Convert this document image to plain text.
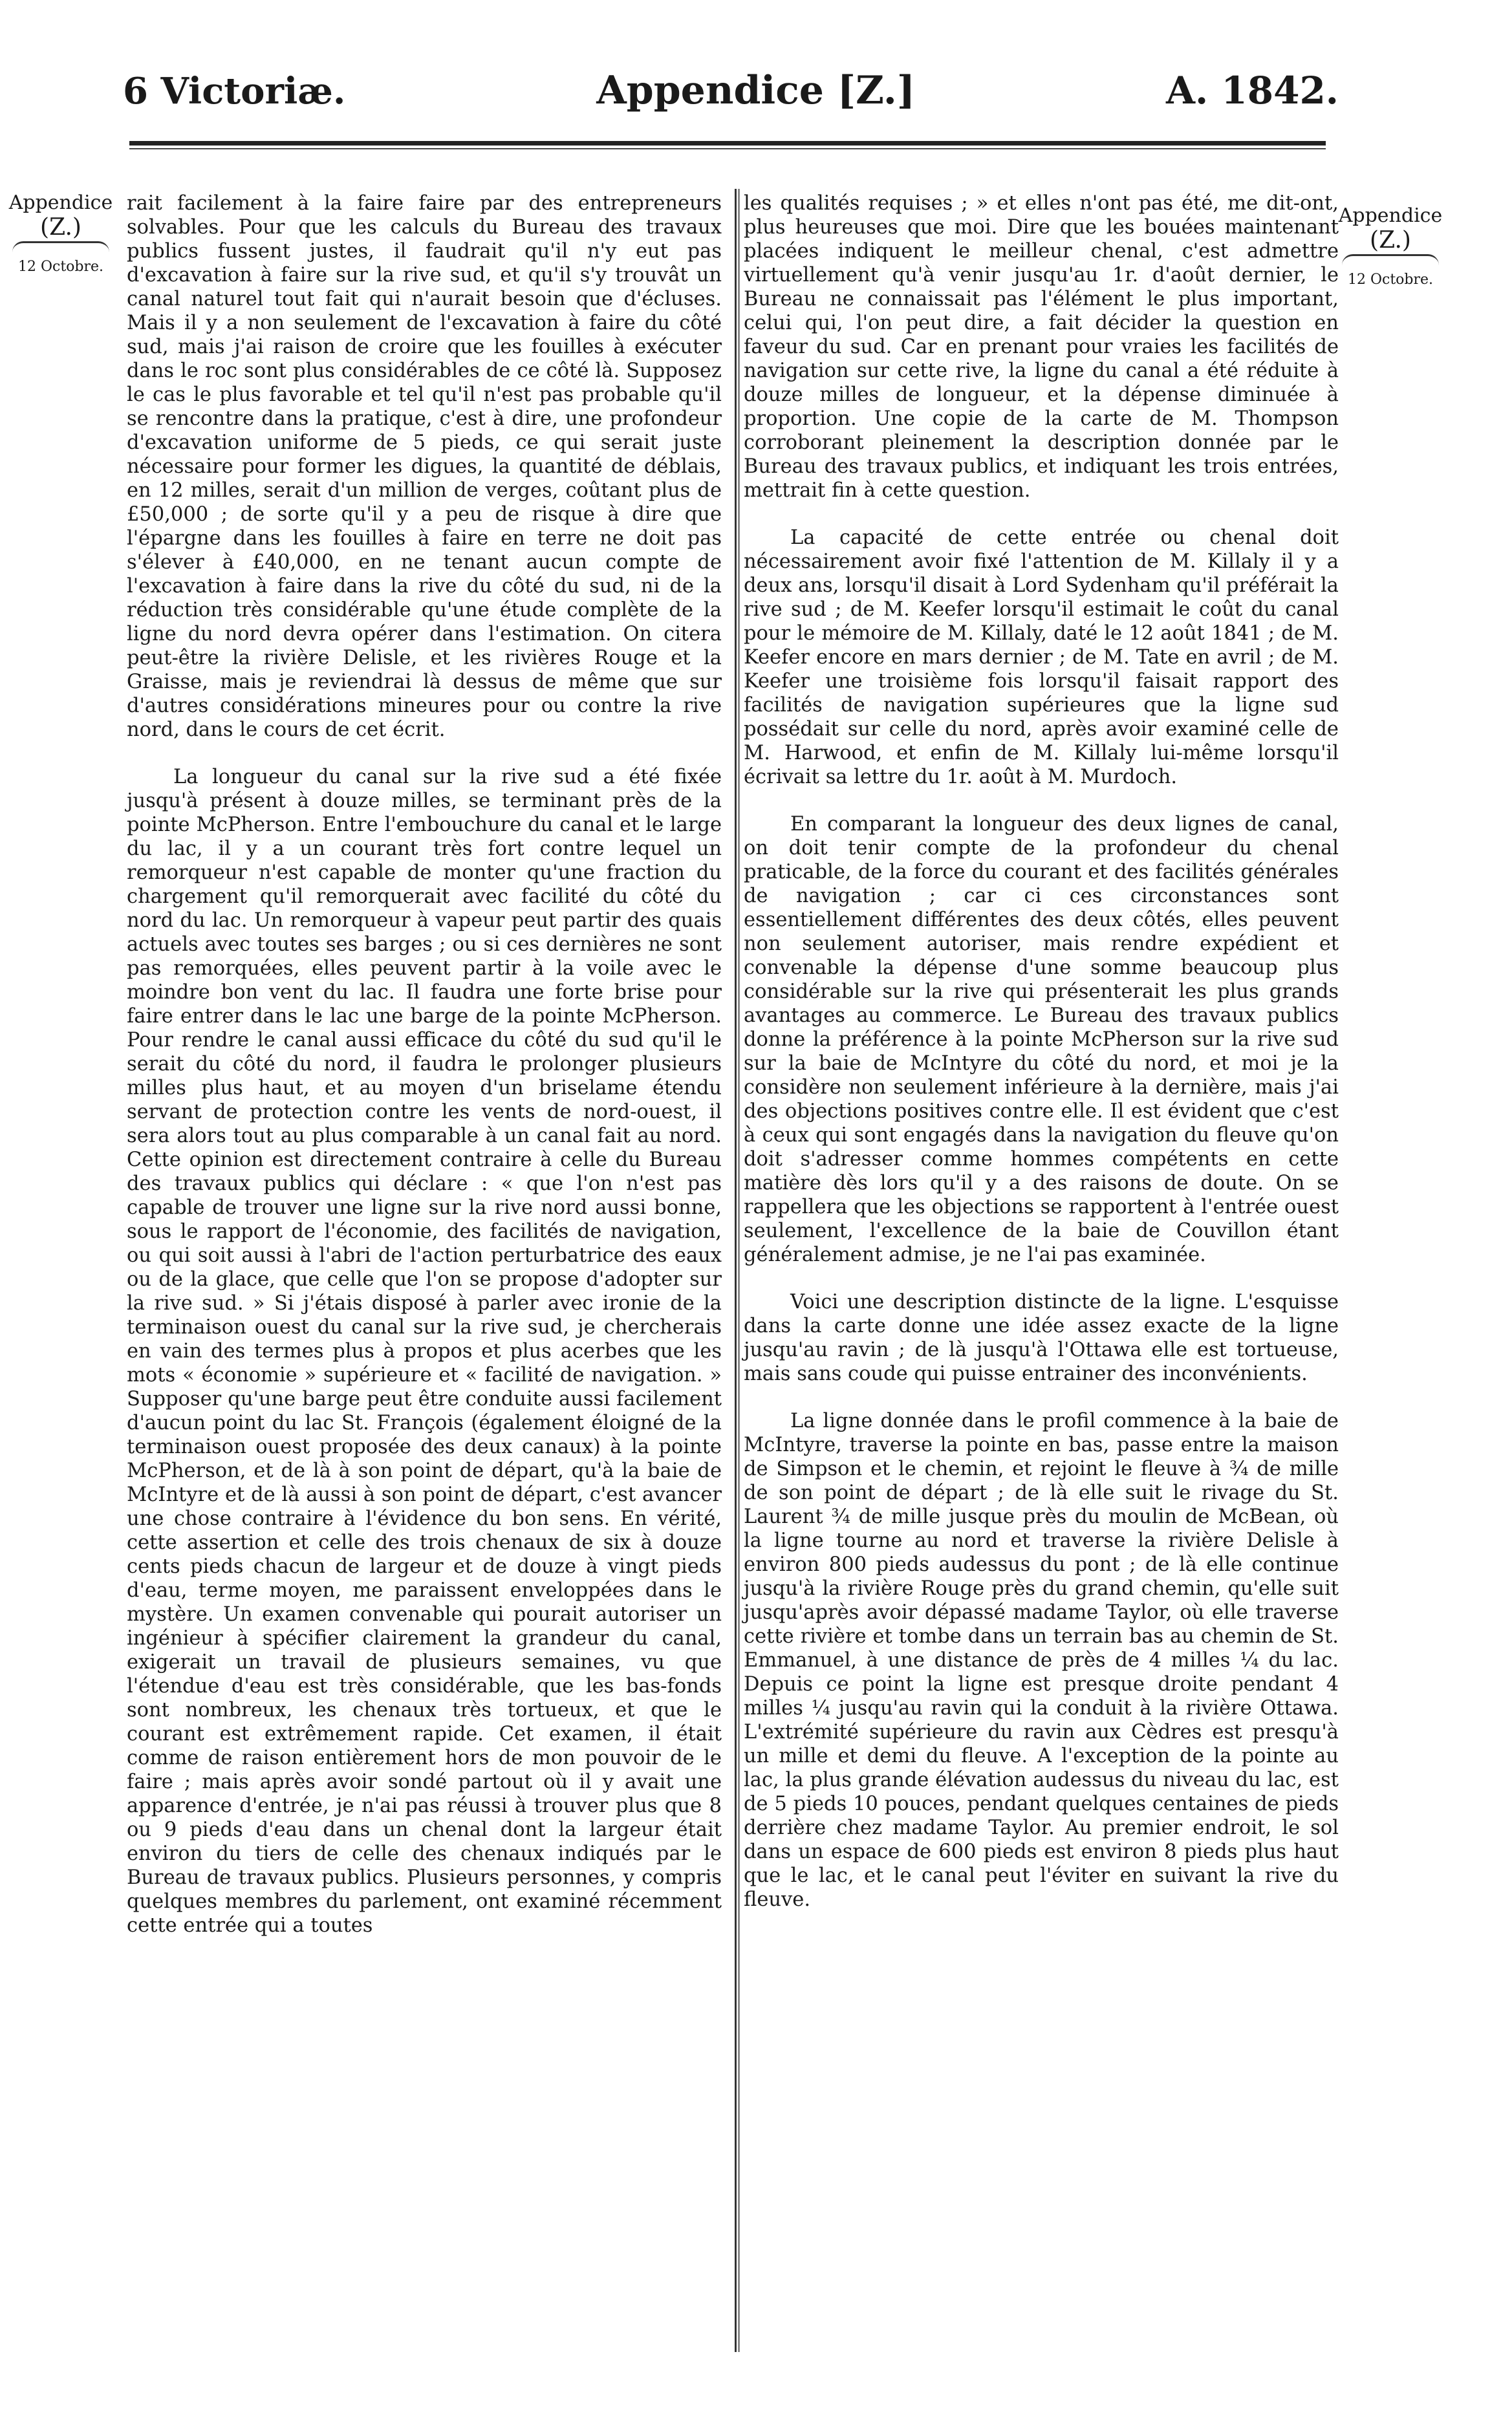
6 Victoriæ.	Appendice [Z.]	A. 1842.
Appendice
(Z.)
12 Octobre.
Appendice
(Z.)
12 Octobre.

rait facilement à la faire faire par des entrepreneurs solvables. Pour que les calculs du Bureau des travaux publics fussent justes, il faudrait qu'il n'y eut pas d'excavation à faire sur la rive sud, et qu'il s'y trouvât un canal naturel tout fait qui n'aurait besoin que d'écluses. Mais il y a non seulement de l'excavation à faire du côté sud, mais j'ai raison de croire que les fouilles à exécuter dans le roc sont plus considérables de ce côté là. Supposez le cas le plus favorable et tel qu'il n'est pas probable qu'il se rencontre dans la pratique, c'est à dire, une profondeur d'excavation uniforme de 5 pieds, ce qui serait juste nécessaire pour former les digues, la quantité de déblais, en 12 milles, serait d'un million de verges, coûtant plus de £50,000 ; de sorte qu'il y a peu de risque à dire que l'épargne dans les fouilles à faire en terre ne doit pas s'élever à £40,000, en ne tenant aucun compte de l'excavation à faire dans la rive du côté du sud, ni de la réduction très considérable qu'une étude complète de la ligne du nord devra opérer dans l'estimation. On citera peut-être la rivière Delisle, et les rivières Rouge et la Graisse, mais je reviendrai là dessus de même que sur d'autres considérations mineures pour ou contre la rive nord, dans le cours de cet écrit.

La longueur du canal sur la rive sud a été fixée jusqu'à présent à douze milles, se terminant près de la pointe McPherson. Entre l'embouchure du canal et le large du lac, il y a un courant très fort contre lequel un remorqueur n'est capable de monter qu'une fraction du chargement qu'il remorquerait avec facilité du côté du nord du lac. Un remorqueur à vapeur peut partir des quais actuels avec toutes ses barges ; ou si ces dernières ne sont pas remorquées, elles peuvent partir à la voile avec le moindre bon vent du lac. Il faudra une forte brise pour faire entrer dans le lac une barge de la pointe McPherson. Pour rendre le canal aussi efficace du côté du sud qu'il le serait du côté du nord, il faudra le prolonger plusieurs milles plus haut, et au moyen d'un briselame étendu servant de protection contre les vents de nord-ouest, il sera alors tout au plus comparable à un canal fait au nord. Cette opinion est directement contraire à celle du Bureau des travaux publics qui déclare : « que l'on n'est pas capable de trouver une ligne sur la rive nord aussi bonne, sous le rapport de l'économie, des facilités de navigation, ou qui soit aussi à l'abri de l'action perturbatrice des eaux ou de la glace, que celle que l'on se propose d'adopter sur la rive sud. » Si j'étais disposé à parler avec ironie de la terminaison ouest du canal sur la rive sud, je chercherais en vain des termes plus à propos et plus acerbes que les mots « économie » supérieure et « facilité de navigation. » Supposer qu'une barge peut être conduite aussi facilement d'aucun point du lac St. François (également éloigné de la terminaison ouest proposée des deux canaux) à la pointe McPherson, et de là à son point de départ, qu'à la baie de McIntyre et de là aussi à son point de départ, c'est avancer une chose contraire à l'évidence du bon sens. En vérité, cette assertion et celle des trois chenaux de six à douze cents pieds chacun de largeur et de douze à vingt pieds d'eau, terme moyen, me paraissent enveloppées dans le mystère. Un examen convenable qui pourait autoriser un ingénieur à spécifier clairement la grandeur du canal, exigerait un travail de plusieurs semaines, vu que l'étendue d'eau est très considérable, que les bas-fonds sont nombreux, les chenaux très tortueux, et que le courant est extrêmement rapide. Cet examen, il était comme de raison entièrement hors de mon pouvoir de le faire ; mais après avoir sondé partout où il y avait une apparence d'entrée, je n'ai pas réussi à trouver plus que 8 ou 9 pieds d'eau dans un chenal dont la largeur était environ du tiers de celle des chenaux indiqués par le Bureau de travaux publics. Plusieurs personnes, y compris quelques membres du parlement, ont examiné récemment cette entrée qui a toutes

les qualités requises ; » et elles n'ont pas été, me dit-ont, plus heureuses que moi. Dire que les bouées maintenant placées indiquent le meilleur chenal, c'est admettre virtuellement qu'à venir jusqu'au 1r. d'août dernier, le Bureau ne connaissait pas l'élément le plus important, celui qui, l'on peut dire, a fait décider la question en faveur du sud. Car en prenant pour vraies les facilités de navigation sur cette rive, la ligne du canal a été réduite à douze milles de longueur, et la dépense diminuée à proportion. Une copie de la carte de M. Thompson corroborant pleinement la description donnée par le Bureau des travaux publics, et indiquant les trois entrées, mettrait fin à cette question.

La capacité de cette entrée ou chenal doit nécessairement avoir fixé l'attention de M. Killaly il y a deux ans, lorsqu'il disait à Lord Sydenham qu'il préférait la rive sud ; de M. Keefer lorsqu'il estimait le coût du canal pour le mémoire de M. Killaly, daté le 12 août 1841 ; de M. Keefer encore en mars dernier ; de M. Tate en avril ; de M. Keefer une troisième fois lorsqu'il faisait rapport des facilités de navigation supérieures que la ligne sud possédait sur celle du nord, après avoir examiné celle de M. Harwood, et enfin de M. Killaly lui-même lorsqu'il écrivait sa lettre du 1r. août à M. Murdoch.

En comparant la longueur des deux lignes de canal, on doit tenir compte de la profondeur du chenal praticable, de la force du courant et des facilités générales de navigation ; car ci ces circonstances sont essentiellement différentes des deux côtés, elles peuvent non seulement autoriser, mais rendre expédient et convenable la dépense d'une somme beaucoup plus considérable sur la rive qui présenterait les plus grands avantages au commerce. Le Bureau des travaux publics donne la préférence à la pointe McPherson sur la rive sud sur la baie de McIntyre du côté du nord, et moi je la considère non seulement inférieure à la dernière, mais j'ai des objections positives contre elle. Il est évident que c'est à ceux qui sont engagés dans la navigation du fleuve qu'on doit s'adresser comme hommes compétents en cette matière dès lors qu'il y a des raisons de doute. On se rappellera que les objections se rapportent à l'entrée ouest seulement, l'excellence de la baie de Couvillon étant généralement admise, je ne l'ai pas examinée.

Voici une description distincte de la ligne. L'esquisse dans la carte donne une idée assez exacte de la ligne jusqu'au ravin ; de là jusqu'à l'Ottawa elle est tortueuse, mais sans coude qui puisse entrainer des inconvénients.

La ligne donnée dans le profil commence à la baie de McIntyre, traverse la pointe en bas, passe entre la maison de Simpson et le chemin, et rejoint le fleuve à ¾ de mille de son point de départ ; de là elle suit le rivage du St. Laurent ¾ de mille jusque près du moulin de McBean, où la ligne tourne au nord et traverse la rivière Delisle à environ 800 pieds audessus du pont ; de là elle continue jusqu'à la rivière Rouge près du grand chemin, qu'elle suit jusqu'après avoir dépassé madame Taylor, où elle traverse cette rivière et tombe dans un terrain bas au chemin de St. Emmanuel, à une distance de près de 4 milles ¼ du lac. Depuis ce point la ligne est presque droite pendant 4 milles ¼ jusqu'au ravin qui la conduit à la rivière Ottawa. L'extrémité supérieure du ravin aux Cèdres est presqu'à un mille et demi du fleuve. A l'exception de la pointe au lac, la plus grande élévation audessus du niveau du lac, est de 5 pieds 10 pouces, pendant quelques centaines de pieds derrière chez madame Taylor. Au premier endroit, le sol dans un espace de 600 pieds est environ 8 pieds plus haut que le lac, et le canal peut l'éviter en suivant la rive du fleuve.
